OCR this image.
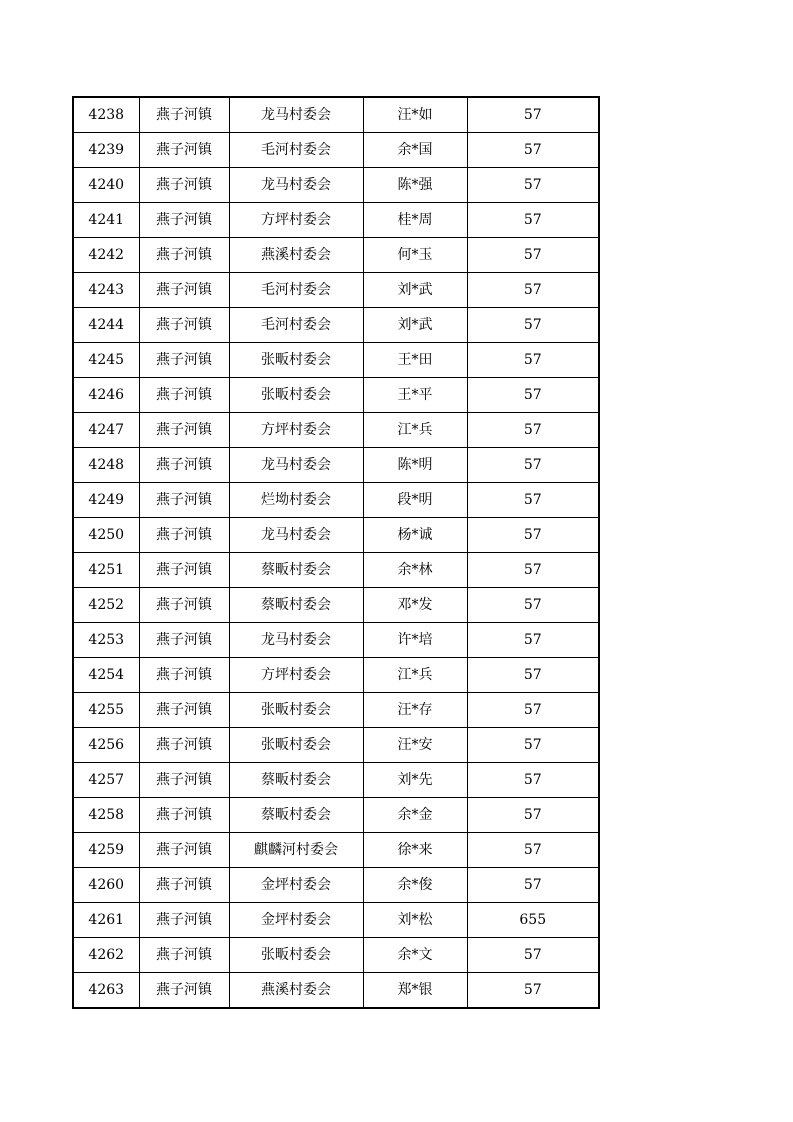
4238	燕子河镇	龙马村委会	汪*如	57
4239	燕子河镇	毛河村委会	余*国	57
4240	燕子河镇	龙马村委会	陈*强	57
4241	燕子河镇	方坪村委会	桂*周	57
4242	燕子河镇	燕溪村委会	何*玉	57
4243	燕子河镇	毛河村委会	刘*武	57
4244	燕子河镇	毛河村委会	刘*武	57
4245	燕子河镇	张畈村委会	王*田	57
4246	燕子河镇	张畈村委会	王*平	57
4247	燕子河镇	方坪村委会	江*兵	57
4248	燕子河镇	龙马村委会	陈*明	57
4249	燕子河镇	烂坳村委会	段*明	57
4250	燕子河镇	龙马村委会	杨*诚	57
4251	燕子河镇	蔡畈村委会	余*林	57
4252	燕子河镇	蔡畈村委会	邓*发	57
4253	燕子河镇	龙马村委会	许*培	57
4254	燕子河镇	方坪村委会	江*兵	57
4255	燕子河镇	张畈村委会	汪*存	57
4256	燕子河镇	张畈村委会	汪*安	57
4257	燕子河镇	蔡畈村委会	刘*先	57
4258	燕子河镇	蔡畈村委会	余*金	57
4259	燕子河镇	麒麟河村委会	徐*来	57
4260	燕子河镇	金坪村委会	余*俊	57
4261	燕子河镇	金坪村委会	刘*松	655
4262	燕子河镇	张畈村委会	余*文	57
4263	燕子河镇	燕溪村委会	郑*银	57
